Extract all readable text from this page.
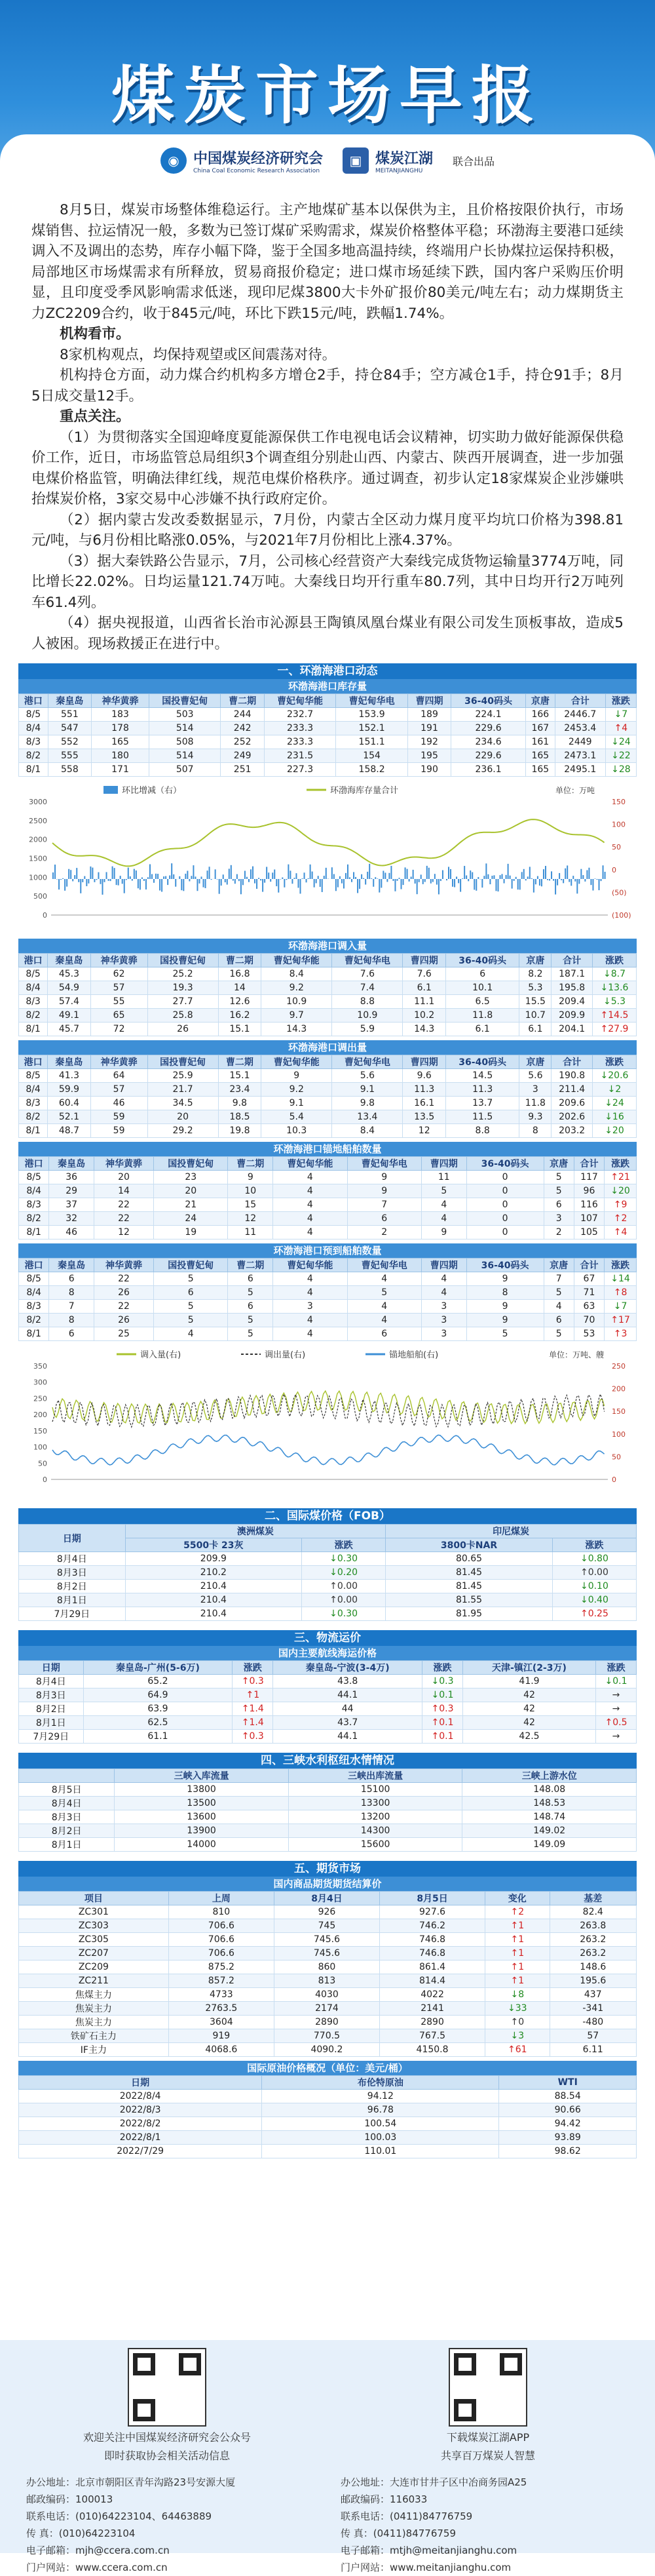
煤炭市场早报
◉ 中国煤炭经济研究会
China Coal Economic Research Association
▣ 煤炭江湖
MEITANJIANGHU
联合出品

8月5日，煤炭市场整体维稳运行。主产地煤矿基本以保供为主，且价格按限价执行，市场煤销售、拉运情况一般，多数为已签订煤矿采购需求，煤炭价格整体平稳；环渤海主要港口延续调入不及调出的态势，库存小幅下降，鉴于全国多地高温持续，终端用户长协煤拉运保持积极，局部地区市场煤需求有所释放，贸易商报价稳定；进口煤市场延续下跌，国内客户采购压价明显，且印度受季风影响需求低迷，现印尼煤3800大卡外矿报价80美元/吨左右；动力煤期货主力ZC2209合约，收于845元/吨，环比下跌15元/吨，跌幅1.74%。

机构看市。

8家机构观点，均保持观望或区间震荡对待。

机构持仓方面，动力煤合约机构多方增仓2手，持仓84手；空方减仓1手，持仓91手；8月5日成交量12手。

重点关注。

（1）为贯彻落实全国迎峰度夏能源保供工作电视电话会议精神，切实助力做好能源保供稳价工作，近日，市场监管总局组织3个调查组分别赴山西、内蒙古、陕西开展调查，进一步加强电煤价格监管，明确法律红线，规范电煤价格秩序。通过调查，初步认定18家煤炭企业涉嫌哄抬煤炭价格，3家交易中心涉嫌不执行政府定价。

（2）据内蒙古发改委数据显示，7月份，内蒙古全区动力煤月度平均坑口价格为398.81元/吨，与6月份相比略涨0.05%，与2021年7月份相比上涨4.37%。

（3）据大秦铁路公告显示，7月，公司核心经营资产大秦线完成货物运输量3774万吨，同比增长22.02%。日均运量121.74万吨。大秦线日均开行重车80.7列，其中日均开行2万吨列车61.4列。

（4）据央视报道，山西省长治市沁源县王陶镇凤凰台煤业有限公司发生顶板事故，造成5人被困。现场救援正在进行中。

一、环渤海港口动态
环渤海港口库存量
港口	秦皇岛	神华黄骅	国投曹妃甸	曹二期	曹妃甸华能	曹妃甸华电	曹四期	36-40码头	京唐	合计	涨跌
8/5	551	183	503	244	232.7	153.9	189	224.1	166	2446.7	↓7
8/4	547	178	514	242	233.3	152.1	191	229.6	167	2453.4	↑4
8/3	552	165	508	252	233.3	151.1	192	234.6	161	2449	↓24
8/2	555	180	514	249	231.5	154	195	229.6	165	2473.1	↓22
8/1	558	171	507	251	227.3	158.2	190	236.1	165	2495.1	↓28
环比增减（右）	环渤海库存量合计	单位：万吨
3000
2500
2000
1500
1000
500
0
150
100
50
0
(50)
(100)
环渤海港口调入量
港口	秦皇岛	神华黄骅	国投曹妃甸	曹二期	曹妃甸华能	曹妃甸华电	曹四期	36-40码头	京唐	合计	涨跌
8/5	45.3	62	25.2	16.8	8.4	7.6	7.6	6	8.2	187.1	↓8.7
8/4	54.9	57	19.3	14	9.2	7.4	6.1	10.1	5.3	195.8	↓13.6
8/3	57.4	55	27.7	12.6	10.9	8.8	11.1	6.5	15.5	209.4	↓5.3
8/2	49.1	65	25.8	16.2	9.7	10.9	10.2	11.8	10.7	209.9	↑14.5
8/1	45.7	72	26	15.1	14.3	5.9	14.3	6.1	6.1	204.1	↑27.9
环渤海港口调出量
港口	秦皇岛	神华黄骅	国投曹妃甸	曹二期	曹妃甸华能	曹妃甸华电	曹四期	36-40码头	京唐	合计	涨跌
8/5	41.3	64	25.9	15.1	9	5.6	9.6	14.5	5.6	190.8	↓20.6
8/4	59.9	57	21.7	23.4	9.2	9.1	11.3	11.3	3	211.4	↓2
8/3	60.4	46	34.5	9.8	9.1	9.8	16.1	13.7	11.8	209.6	↓24
8/2	52.1	59	20	18.5	5.4	13.4	13.5	11.5	9.3	202.6	↓16
8/1	48.7	59	29.2	19.8	10.3	8.4	12	8.8	8	203.2	↓20
环渤海港口锚地船舶数量
港口	秦皇岛	神华黄骅	国投曹妃甸	曹二期	曹妃甸华能	曹妃甸华电	曹四期	36-40码头	京唐	合计	涨跌
8/5	36	20	23	9	4	9	11	0	5	117	↑21
8/4	29	14	20	10	4	9	5	0	5	96	↓20
8/3	37	22	21	15	4	7	4	0	6	116	↑9
8/2	32	22	24	12	4	6	4	0	3	107	↑2
8/1	46	12	19	11	4	2	9	0	2	105	↑4
环渤海港口预到船舶数量
港口	秦皇岛	神华黄骅	国投曹妃甸	曹二期	曹妃甸华能	曹妃甸华电	曹四期	36-40码头	京唐	合计	涨跌
8/5	6	22	5	6	4	4	4	9	7	67	↓14
8/4	8	26	6	5	4	5	4	8	5	71	↑8
8/3	7	22	5	6	3	4	3	9	4	63	↓7
8/2	8	26	5	5	4	4	3	9	6	70	↑17
8/1	6	25	4	5	4	6	3	5	5	53	↑3
调入量(右)	调出量(右)	锚地船舶(右)	单位：万吨、艘
350
300
250
200
150
100
50
0
250
200
150
100
50
0
二、国际煤价格（FOB）
日期	澳洲煤炭		印尼煤炭	
	5500卡 23灰	涨跌	3800卡NAR	涨跌
8月4日	209.9	↓0.30	80.65	↓0.80
8月3日	210.2	↓0.20	81.45	↑0.00
8月2日	210.4	↑0.00	81.45	↓0.10
8月1日	210.4	↑0.00	81.55	↓0.40
7月29日	210.4	↓0.30	81.95	↑0.25
三、物流运价
国内主要航线海运价格
日期	秦皇岛-广州(5-6万)	涨跌	秦皇岛-宁波(3-4万)	涨跌	天津-镇江(2-3万)	涨跌
8月4日	65.2	↑0.3	43.8	↓0.3	41.9	↓0.1
8月3日	64.9	↑1	44.1	↓0.1	42	→
8月2日	63.9	↑1.4	44	↑0.3	42	→
8月1日	62.5	↑1.4	43.7	↑0.1	42	↑0.5
7月29日	61.1	↑0.3	44.1	↑0.1	42.5	→
四、三峡水利枢纽水情情况
	三峡入库流量	三峡出库流量	三峡上游水位
8月5日	13800	15100	148.08
8月4日	13500	13300	148.53
8月3日	13600	13200	148.74
8月2日	13900	14300	149.02
8月1日	14000	15600	149.09
五、期货市场
国内商品期货期货结算价
项目	上周	8月4日	8月5日	变化	基差
ZC301	810	926	927.6	↑2	82.4
ZC303	706.6	745	746.2	↑1	263.8
ZC305	706.6	745.6	746.8	↑1	263.2
ZC207	706.6	745.6	746.8	↑1	263.2
ZC209	875.2	860	861.4	↑1	148.6
ZC211	857.2	813	814.4	↑1	195.6
焦煤主力	4733	4030	4022	↓8	437
焦炭主力	2763.5	2174	2141	↓33	-341
焦炭主力	3604	2890	2890	↑0	-480
铁矿石主力	919	770.5	767.5	↓3	57
IF主力	4068.6	4090.2	4150.8	↑61	6.11
国际原油价格概况（单位：美元/桶）
日期	布伦特原油	WTI
2022/8/4	94.12	88.54
2022/8/3	96.78	90.66
2022/8/2	100.54	94.42
2022/8/1	100.03	93.89
2022/7/29	110.01	98.62
欢迎关注中国煤炭经济研究会公众号
即时获取协会相关活动信息
下载煤炭江湖APP
共享百万煤炭人智慧
办公地址：北京市朝阳区青年沟路23号安源大厦
邮政编码：100013
联系电话：(010)64223104、64463889
传 真：(010)64223104
电子邮箱：mjh@ccera.com.cn
门户网站：www.ccera.com.cn
办公地址：大连市甘井子区中冶商务园A25
邮政编码：116033
联系电话：(0411)84776759
传 真：(0411)84776759
电子邮箱：mtjh@meitanjianghu.com
门户网站：www.meitanjianghu.com
